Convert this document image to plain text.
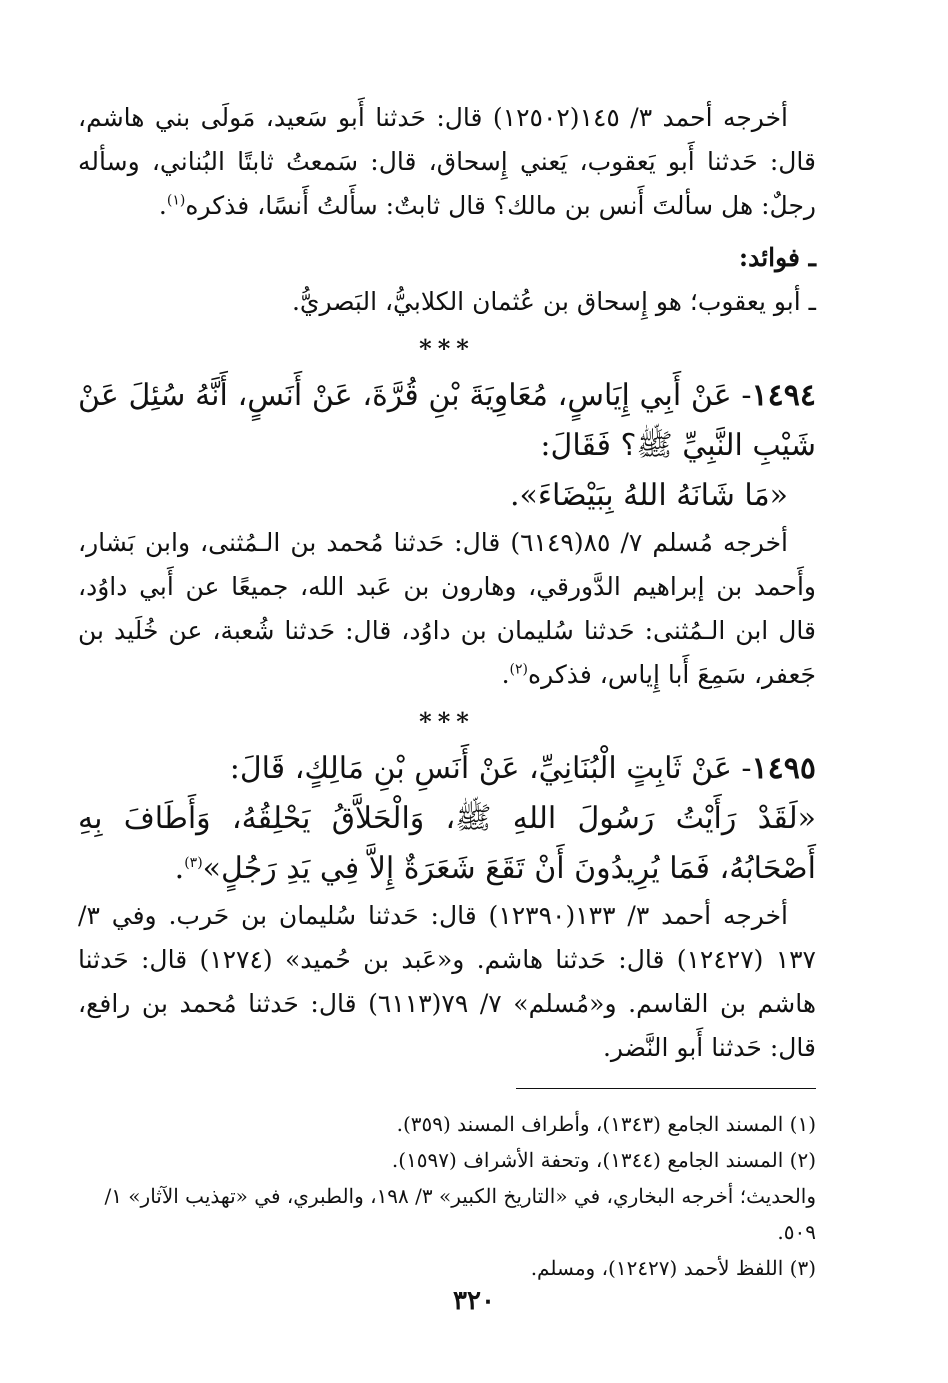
أخرجه أحمد ٣/ ١٤٥(١٢٥٠٢) قال: حَدثنا أَبو سَعيد، مَولَى بني هاشم، قال: حَدثنا أَبو يَعقوب، يَعني إِسحاق، قال: سَمعتُ ثابتًا البُناني، وسأله رجلٌ: هل سألتَ أَنس بن مالك؟ قال ثابتٌ: سأَلتُ أَنسًا، فذكره$^{(١)}$.

ـ فوائد:

ـ أبو يعقوب؛ هو إِسحاق بن عُثمان الكلابيُّ، البَصريُّ.

***

١٤٩٤- عَنْ أَبِي إِيَاسٍ، مُعَاوِيَةَ بْنِ قُرَّةَ، عَنْ أَنَسٍ، أَنَّهُ سُئِلَ عَنْ شَيْبِ النَّبِيِّ ﷺ؟ فَقَالَ:

«مَا شَانَهُ اللهُ بِبَيْضَاءَ».

أخرجه مُسلم ٧/ ٨٥(٦١٤٩) قال: حَدثنا مُحمد بن الـمُثنى، وابن بَشار، وأَحمد بن إبراهيم الدَّورقي، وهارون بن عَبد الله، جميعًا عن أَبي داوُد، قال ابن الـمُثنى: حَدثنا سُليمان بن داوُد، قال: حَدثنا شُعبة، عن خُلَيد بن جَعفر، سَمِعَ أَبا إِياس، فذكره$^{(٢)}$.

***

١٤٩٥- عَنْ ثَابِتٍ الْبُنَانِيِّ، عَنْ أَنَسِ بْنِ مَالِكٍ، قَالَ:

«لَقَدْ رَأَيْتُ رَسُولَ اللهِ ﷺ، وَالْحَلاَّقُ يَحْلِقُهُ، وَأَطَافَ بِهِ أَصْحَابُهُ، فَمَا يُرِيدُونَ أَنْ تَقَعَ شَعَرَةٌ إِلاَّ فِي يَدِ رَجُلٍ»$^{(٣)}$.

أخرجه أحمد ٣/ ١٣٣(١٢٣٩٠) قال: حَدثنا سُليمان بن حَرب. وفي ٣/ ١٣٧ (١٢٤٢٧) قال: حَدثنا هاشم. و«عَبد بن حُميد» (١٢٧٤) قال: حَدثنا هاشم بن القاسم. و«مُسلم» ٧/ ٧٩(٦١١٣) قال: حَدثنا مُحمد بن رافع، قال: حَدثنا أَبو النَّضر.

(١) المسند الجامع (١٣٤٣)، وأطراف المسند (٣٥٩).

(٢) المسند الجامع (١٣٤٤)، وتحفة الأشراف (١٥٩٧).

والحديث؛ أخرجه البخاري، في «التاريخ الكبير» ٣/ ١٩٨، والطبري، في «تهذيب الآثار» ١/ ٥٠٩.

(٣) اللفظ لأحمد (١٢٤٢٧)، ومسلم.

٣٢٠
